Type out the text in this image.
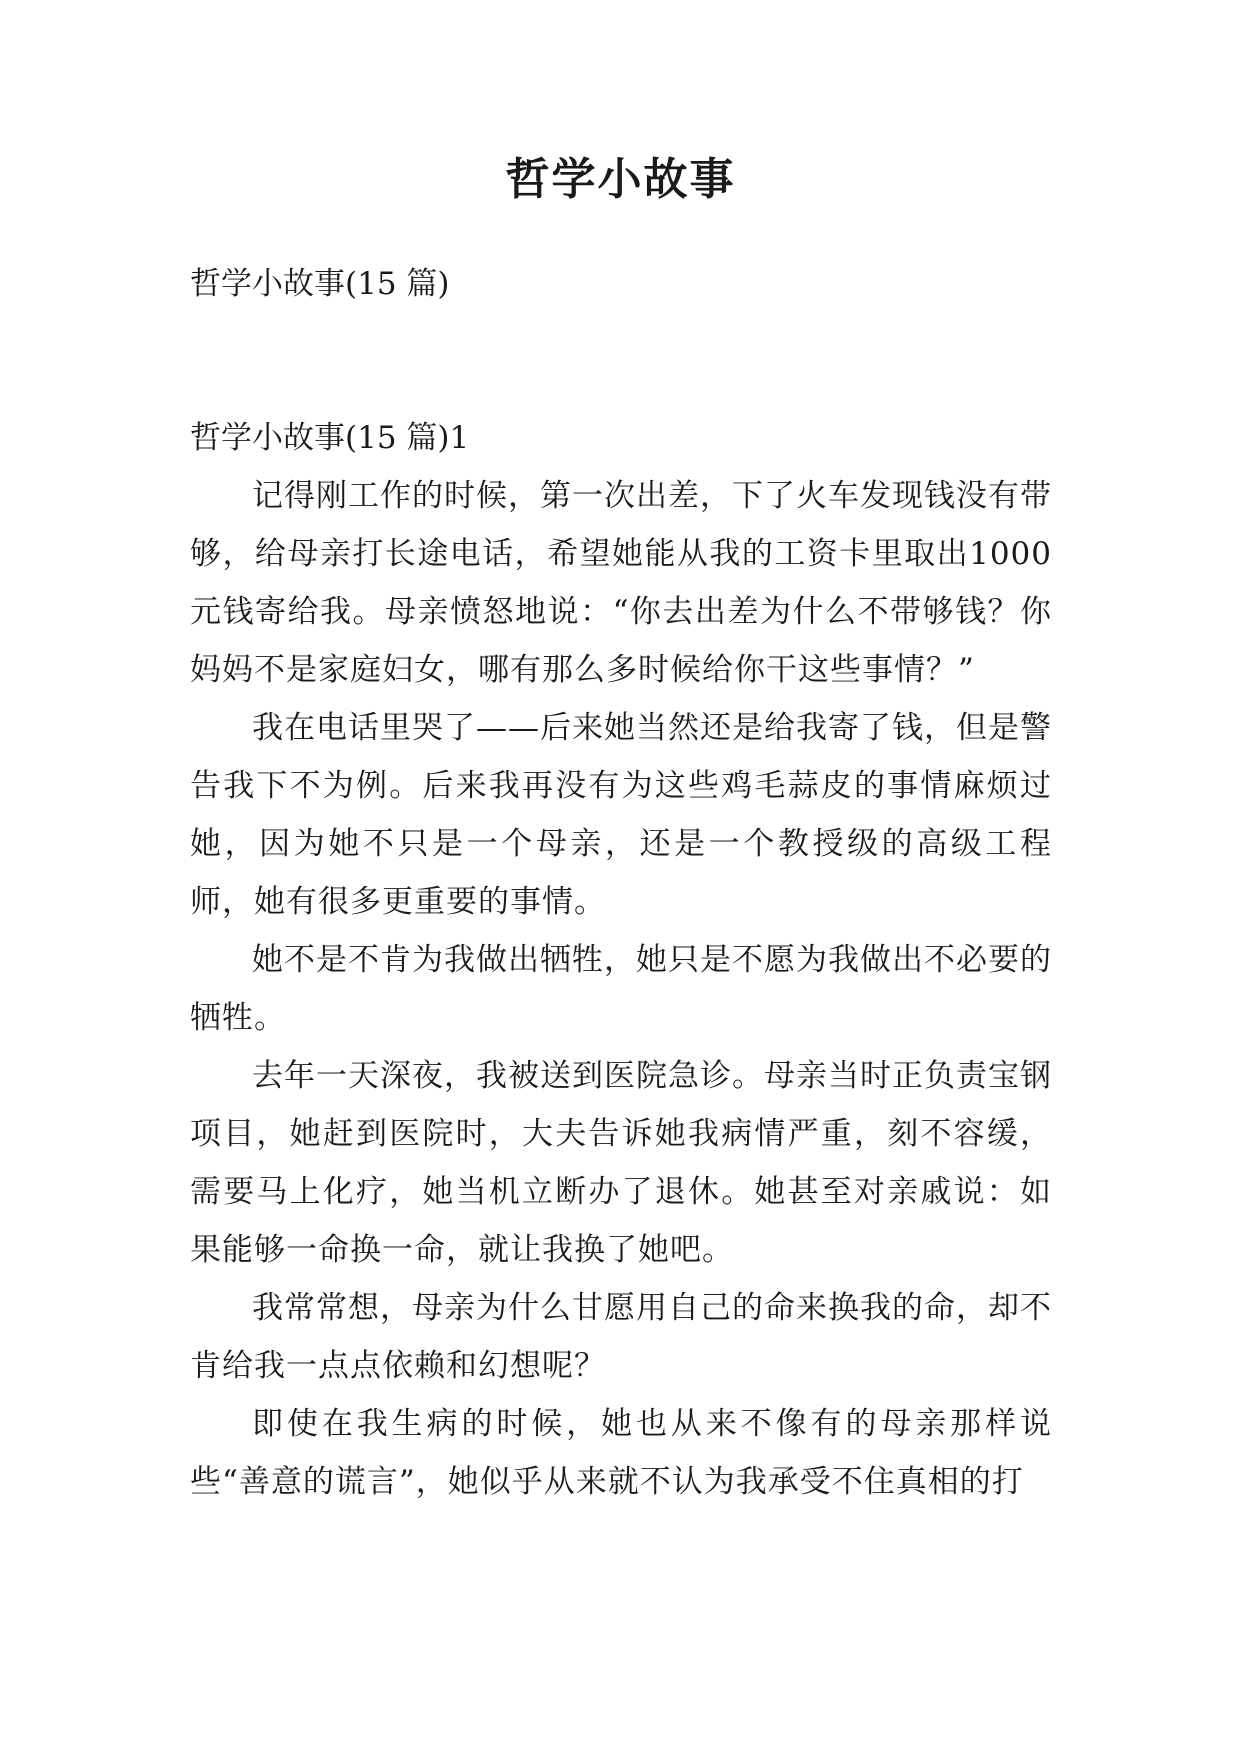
哲学小故事

哲学小故事(15 篇)

哲学小故事(15 篇)1

记得刚工作的时候，第一次出差，下了火车发现钱没有带够，给母亲打长途电话，希望她能从我的工资卡里取出1000 元钱寄给我。母亲愤怒地说：“你去出差为什么不带够钱？你妈妈不是家庭妇女，哪有那么多时候给你干这些事情？”

我在电话里哭了——后来她当然还是给我寄了钱，但是警告我下不为例。后来我再没有为这些鸡毛蒜皮的事情麻烦过她，因为她不只是一个母亲，还是一个教授级的高级工程师，她有很多更重要的事情。

她不是不肯为我做出牺牲，她只是不愿为我做出不必要的牺牲。

去年一天深夜，我被送到医院急诊。母亲当时正负责宝钢项目，她赶到医院时，大夫告诉她我病情严重，刻不容缓，需要马上化疗，她当机立断办了退休。她甚至对亲戚说：如果能够一命换一命，就让我换了她吧。

我常常想，母亲为什么甘愿用自己的命来换我的命，却不肯给我一点点依赖和幻想呢？

即使在我生病的时候，她也从来不像有的母亲那样说些“善意的谎言”，她似乎从来就不认为我承受不住真相的打
